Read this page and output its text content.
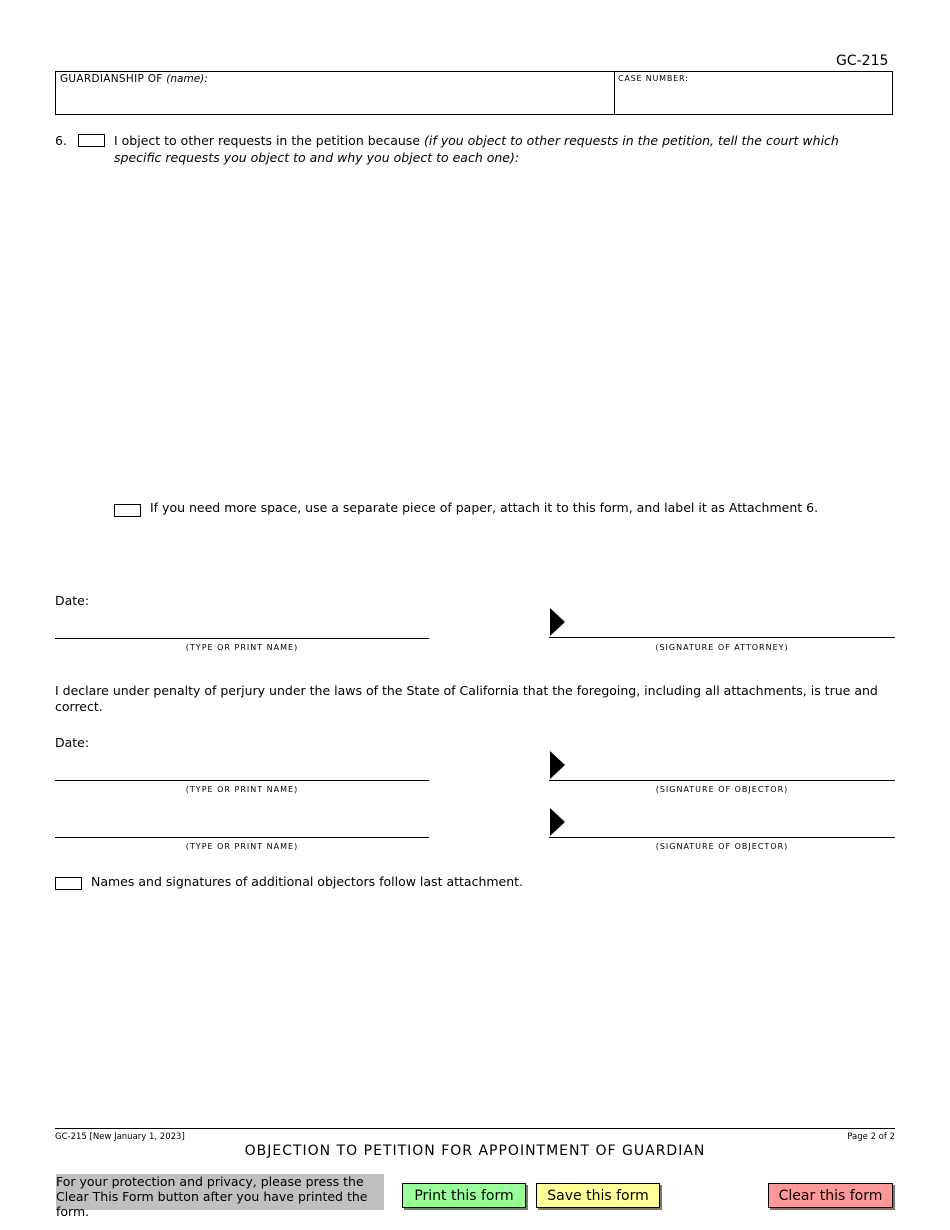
GC-215
GUARDIANSHIP OF (name):	CASE NUMBER:
6.	I object to other requests in the petition because (if you object to other requests in the petition, tell the court which specific requests you object to and why you object to each one):
If you need more space, use a separate piece of paper, attach it to this form, and label it as Attachment 6.
Date:
(TYPE OR PRINT NAME)	(SIGNATURE OF ATTORNEY)
I declare under penalty of perjury under the laws of the State of California that the foregoing, including all attachments, is true and correct.
Date:
(TYPE OR PRINT NAME)	(SIGNATURE OF OBJECTOR)
(TYPE OR PRINT NAME)	(SIGNATURE OF OBJECTOR)
Names and signatures of additional objectors follow last attachment.
GC-215 [New January 1, 2023]	Page 2 of 2
OBJECTION TO PETITION FOR APPOINTMENT OF GUARDIAN
For your protection and privacy, please press the Clear This Form button after you have printed the form.
Print this form	Save this form	Clear this form
